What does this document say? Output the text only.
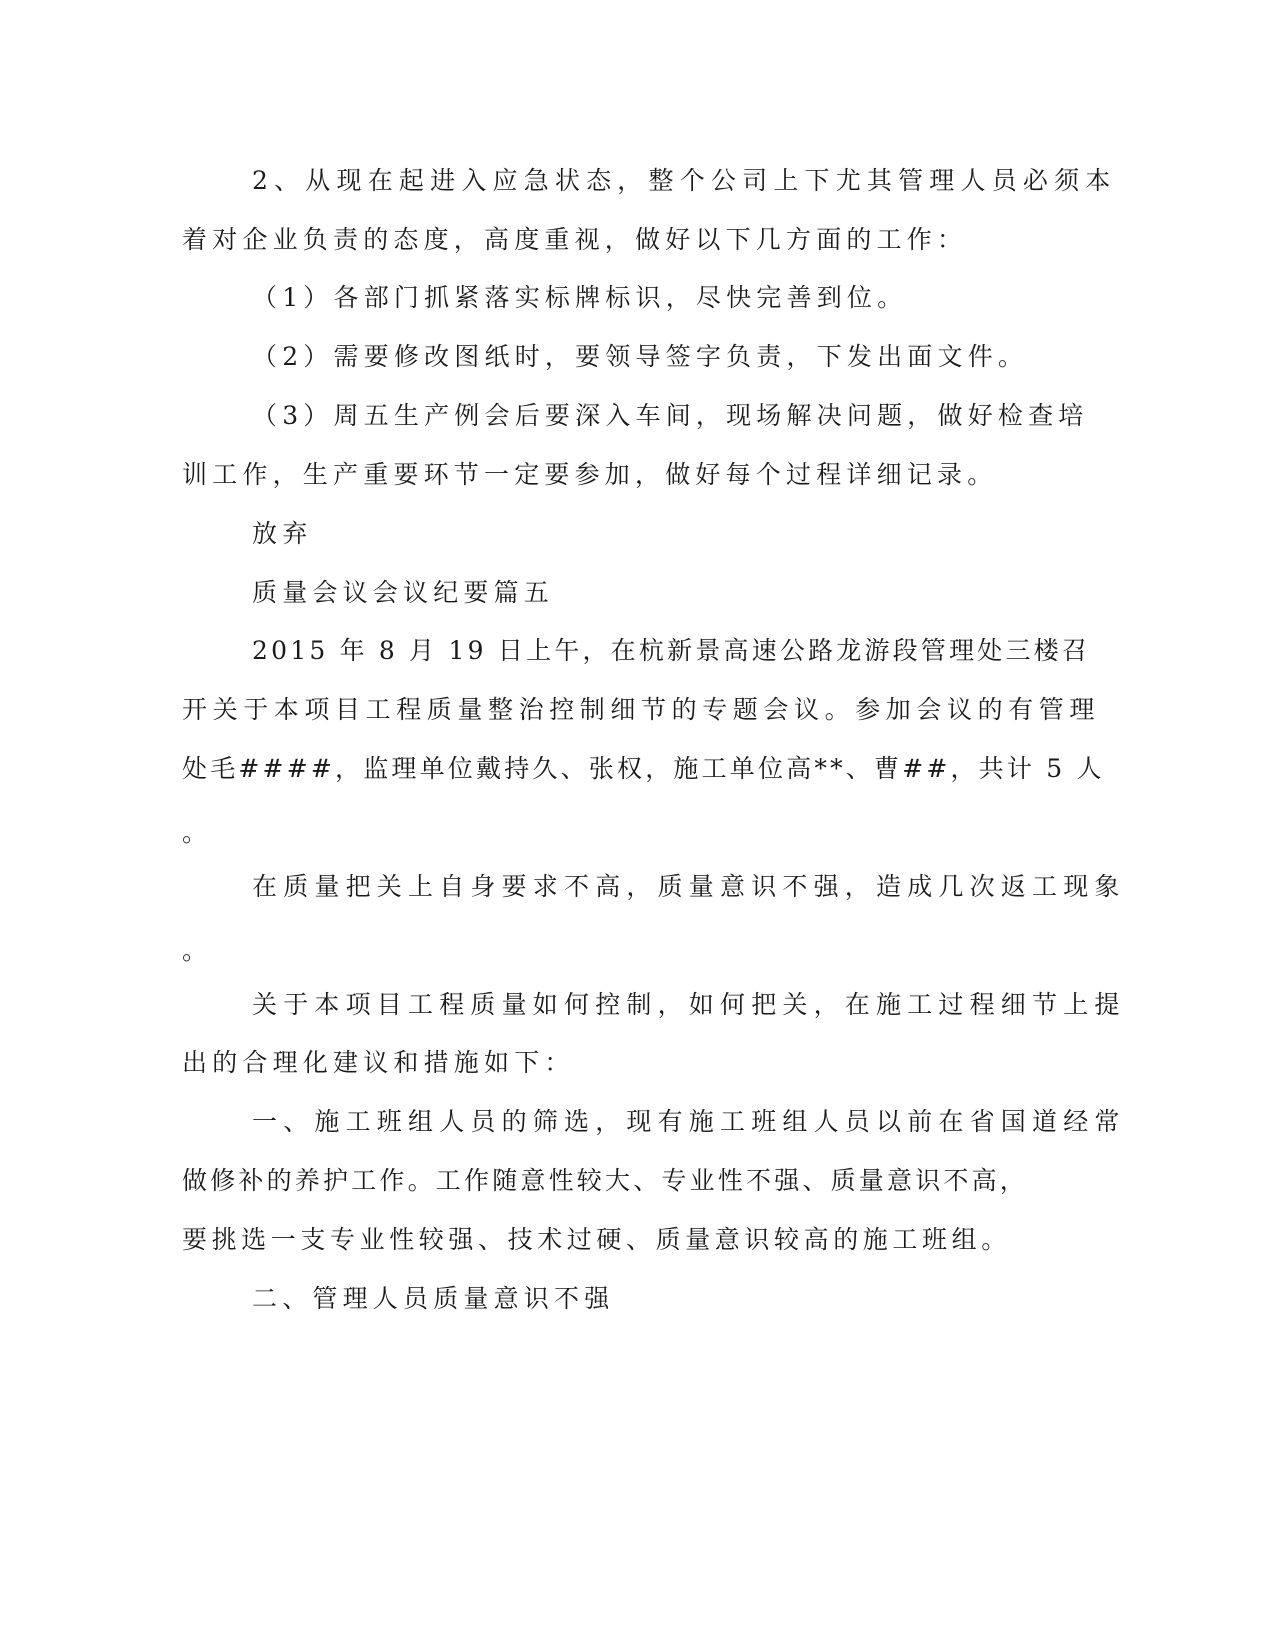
2、从现在起进入应急状态，整个公司上下尤其管理人员必须本
着对企业负责的态度，高度重视，做好以下几方面的工作：
（1）各部门抓紧落实标牌标识，尽快完善到位。
（2）需要修改图纸时，要领导签字负责，下发出面文件。
（3）周五生产例会后要深入车间，现场解决问题，做好检查培
训工作，生产重要环节一定要参加，做好每个过程详细记录。
放弃
质量会议会议纪要篇五
2015 年 8 月 19 日上午，在杭新景高速公路龙游段管理处三楼召
开关于本项目工程质量整治控制细节的专题会议。参加会议的有管理
处毛####，监理单位戴持久、张权，施工单位高**、曹##，共计 5 人
。
在质量把关上自身要求不高，质量意识不强，造成几次返工现象
。
关于本项目工程质量如何控制，如何把关，在施工过程细节上提
出的合理化建议和措施如下：
一、施工班组人员的筛选，现有施工班组人员以前在省国道经常
做修补的养护工作。工作随意性较大、专业性不强、质量意识不高，
要挑选一支专业性较强、技术过硬、质量意识较高的施工班组。
二、管理人员质量意识不强
